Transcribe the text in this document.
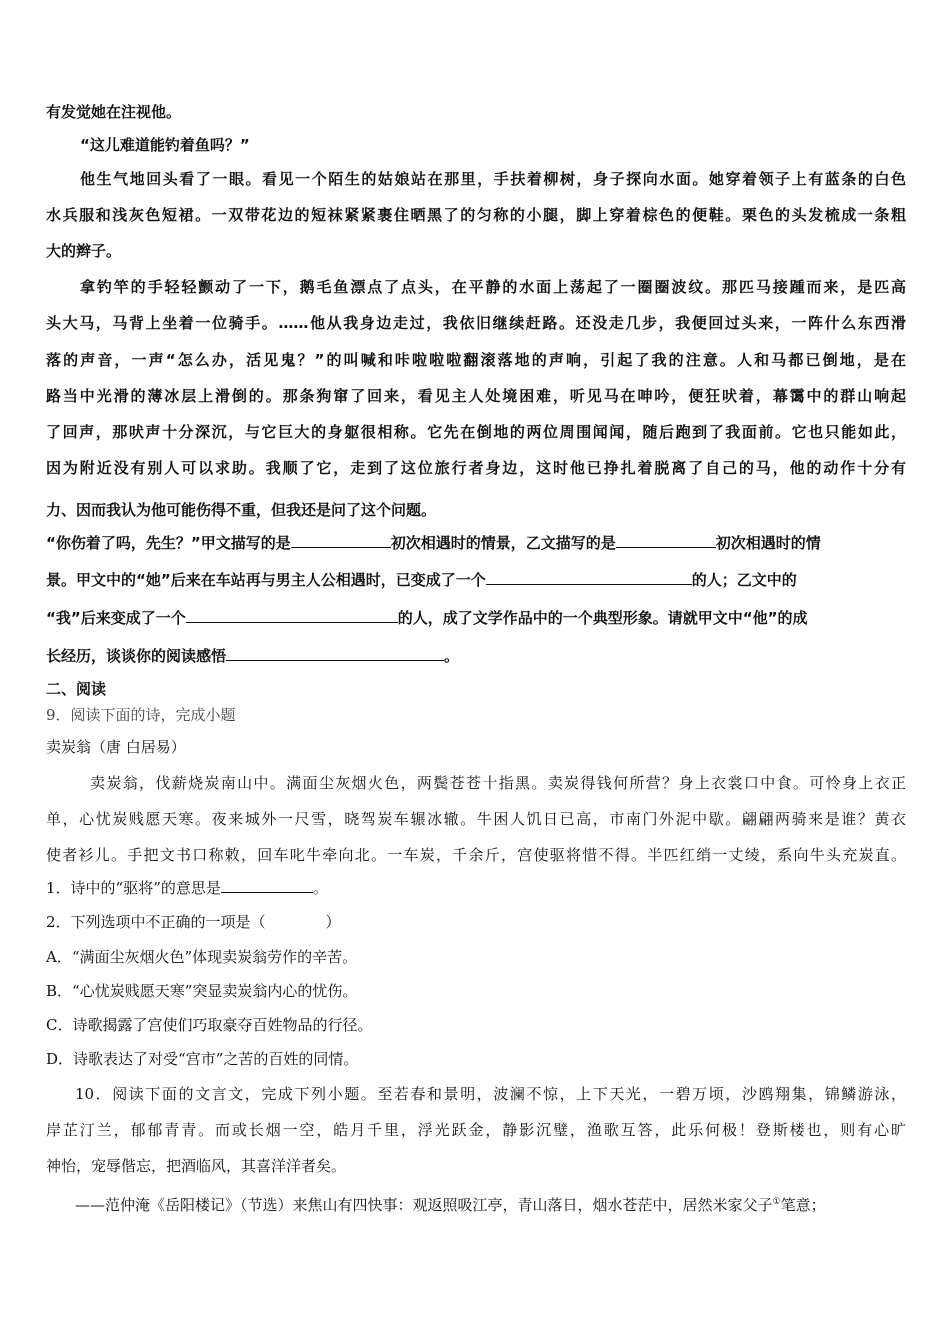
有发觉她在注视他。
“这儿难道能钓着鱼吗？”
他生气地回头看了一眼。看见一个陌生的姑娘站在那里，手扶着柳树，身子探向水面。她穿着领子上有蓝条的白色
水兵服和浅灰色短裙。一双带花边的短袜紧紧裹住晒黑了的匀称的小腿，脚上穿着棕色的便鞋。栗色的头发梳成一条粗
大的辫子。
拿钓竿的手轻轻颤动了一下，鹅毛鱼漂点了点头，在平静的水面上荡起了一圈圈波纹。那匹马接踵而来，是匹高
头大马，马背上坐着一位骑手。……他从我身边走过，我依旧继续赶路。还没走几步，我便回过头来，一阵什么东西滑
落的声音，一声“怎么办，活见鬼？”的叫喊和咔啦啦啦翻滚落地的声响，引起了我的注意。人和马都已倒地，是在
路当中光滑的薄冰层上滑倒的。那条狗窜了回来，看见主人处境困难，听见马在呻吟，便狂吠着，幕霭中的群山响起
了回声，那吠声十分深沉，与它巨大的身躯很相称。它先在倒地的两位周围闻闻，随后跑到了我面前。它也只能如此，
因为附近没有别人可以求助。我顺了它，走到了这位旅行者身边，这时他已挣扎着脱离了自己的马，他的动作十分有
力、因而我认为他可能伤得不重，但我还是问了这个问题。
“你伤着了吗，先生？”甲文描写的是	初次相遇时的情景，乙文描写的是	初次相遇时的情
景。甲文中的“她”后来在车站再与男主人公相遇时，已变成了一个	的人；乙文中的
“我”后来变成了一个	的人，成了文学作品中的一个典型形象。请就甲文中“他”的成
长经历，谈谈你的阅读感悟	。
二、阅读
9．阅读下面的诗，完成小题
卖炭翁（唐 白居易）
卖炭翁，伐薪烧炭南山中。满面尘灰烟火色，两鬓苍苍十指黑。卖炭得钱何所营？身上衣裳口中食。可怜身上衣正
单，心忧炭贱愿天寒。夜来城外一尺雪，晓驾炭车辗冰辙。牛困人饥日已高，市南门外泥中歇。翩翩两骑来是谁？黄衣
使者衫儿。手把文书口称敕，回车叱牛牵向北。一车炭，千余斤，宫使驱将惜不得。半匹红绡一丈绫，系向牛头充炭直。
1．诗中的“驱将”的意思是	。
2．下列选项中不正确的一项是（　　　　）
A．“满面尘灰烟火色”体现卖炭翁劳作的辛苦。
B．“心忧炭贱愿天寒”突显卖炭翁内心的忧伤。
C．诗歌揭露了宫使们巧取豪夺百姓物品的行径。
D．诗歌表达了对受“宫市”之苦的百姓的同情。
10．阅读下面的文言文，完成下列小题。至若春和景明，波澜不惊，上下天光，一碧万顷，沙鸥翔集，锦鳞游泳，
岸芷汀兰，郁郁青青。而或长烟一空，皓月千里，浮光跃金，静影沉璧，渔歌互答，此乐何极！登斯楼也，则有心旷
神怡，宠辱偕忘，把酒临风，其喜洋洋者矣。
——范仲淹《岳阳楼记》（节选）来焦山有四快事：观返照吸江亭，青山落日，烟水苍茫中，居然米家父子①笔意；
